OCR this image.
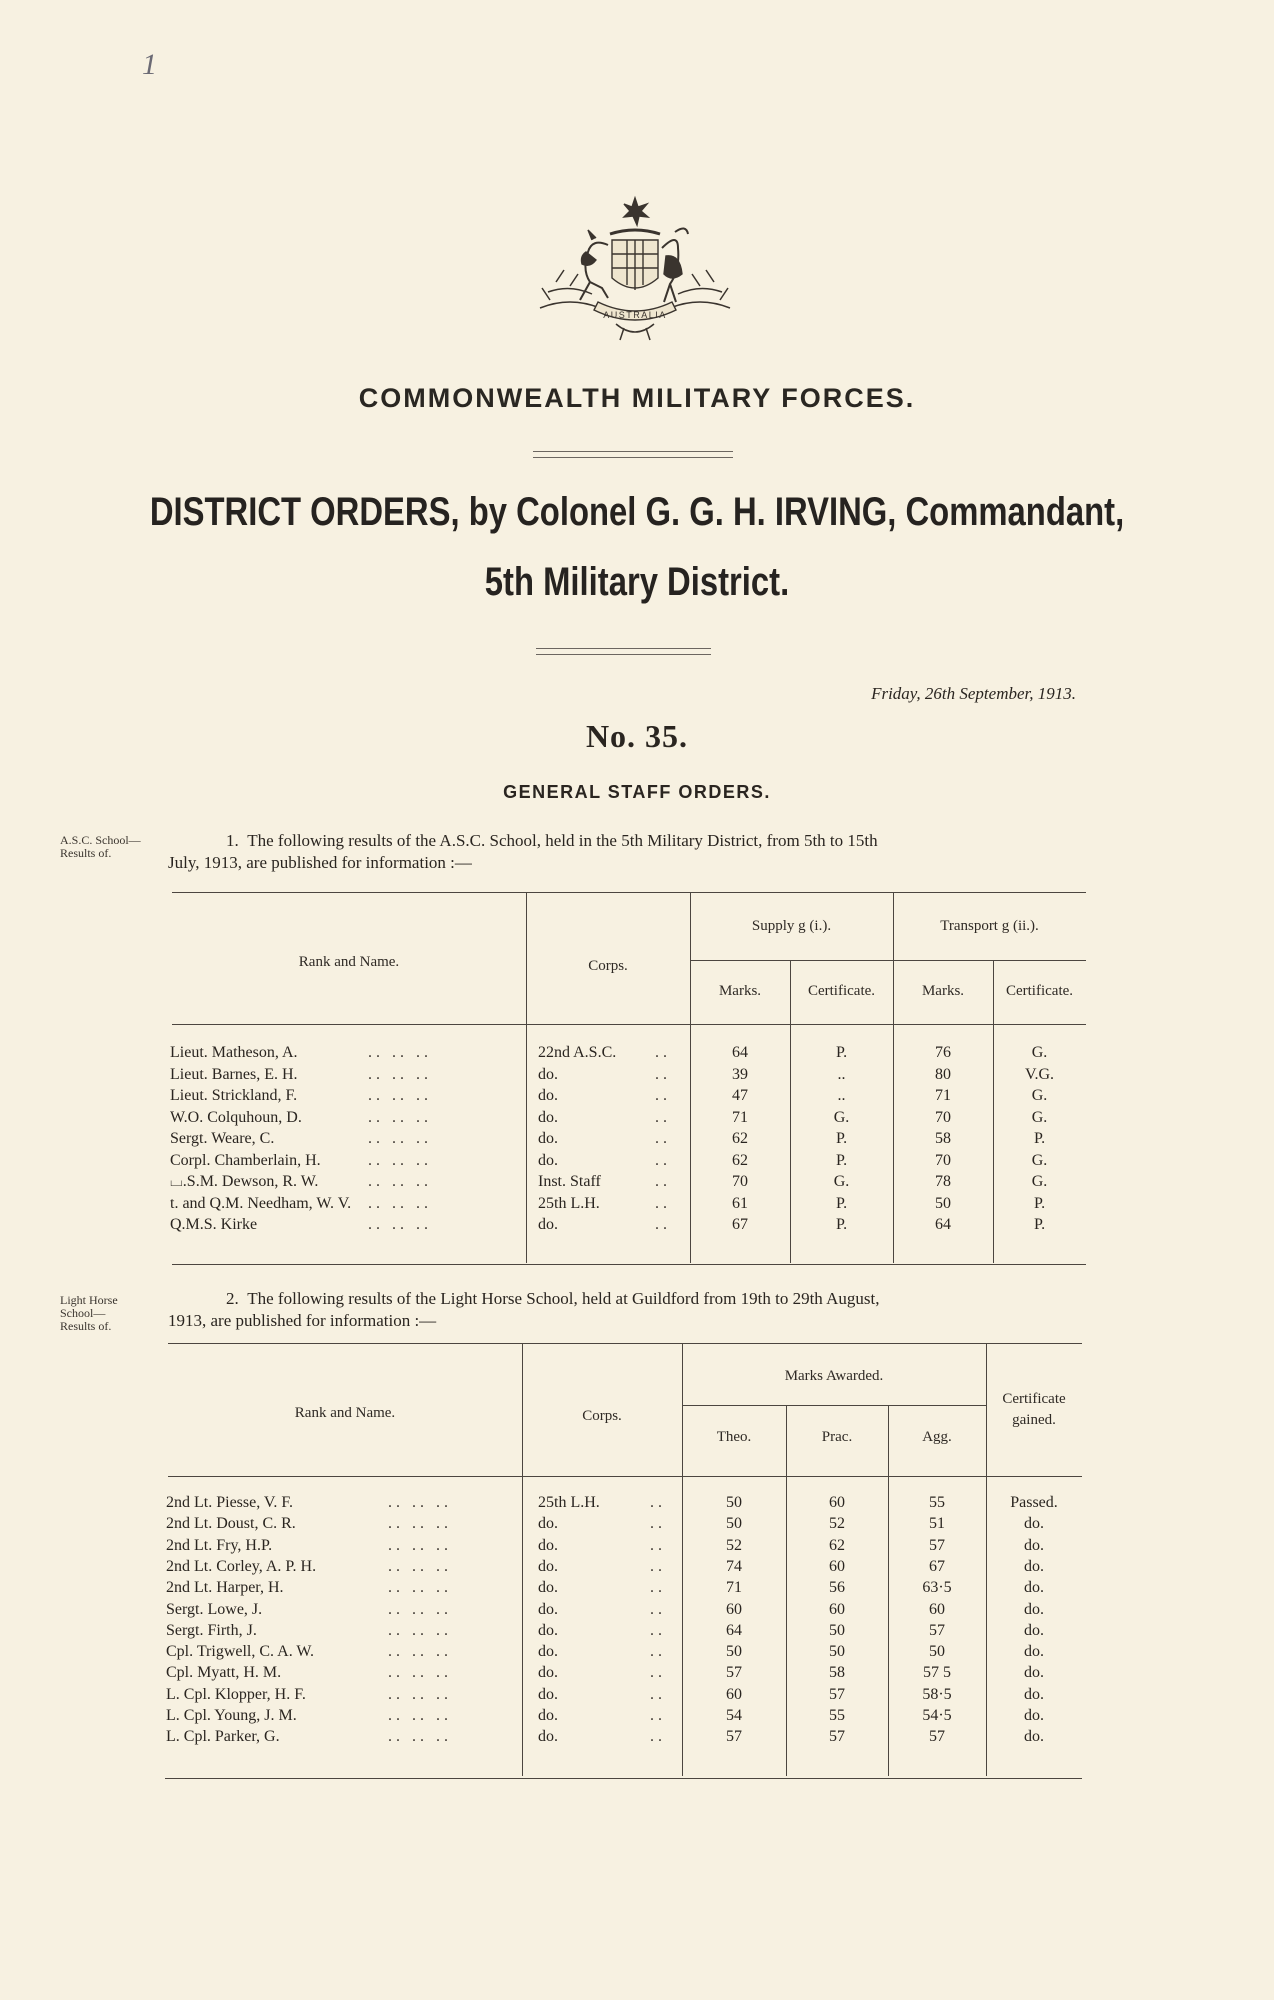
1
AUSTRALIA
COMMONWEALTH MILITARY FORCES.
DISTRICT ORDERS, by Colonel G. G. H. IRVING, Commandant,
5th Military District.
Friday, 26th September, 1913.
No. 35.
GENERAL STAFF ORDERS.
A.S.C. School—
Results of.
1. The following results of the A.S.C. School, held in the 5th Military District, from 5th to 15th
July, 1913, are published for information :—
Rank and Name.	Corps.
Supply g (i.).	Transport g (ii.).
Marks.	Certificate.	Marks.	Certificate.
Lieut. Matheson, A.	.. .. ..	22nd A.S.C. ..	64	P.	76	G.
Lieut. Barnes, E. H.	.. .. ..	do.	..	39	..	80	V.G.
Lieut. Strickland, F.	.. .. ..	do.	..	47	..	71	G.
W.O. Colquhoun, D.	.. .. ..	do.	..	71	G.	70	G.
Sergt. Weare, C.	.. .. ..	do.	..	62	P.	58	P.
Corpl. Chamberlain, H.	.. .. ..	do.	..	62	P.	70	G.
⌴.S.M. Dewson, R. W.	.. .. ..	Inst. Staff	..	70	G.	78	G.
t. and Q.M. Needham, W. V. .. .. ..	25th L.H.	..	61	P.	50	P.
Q.M.S. Kirke	.. .. ..	do.	..	67	P.	64	P.
Light Horse
School—
Results of.
2. The following results of the Light Horse School, held at Guildford from 19th to 29th August,
1913, are published for information :—
Rank and Name.	Corps.
Marks Awarded.
Theo.	Prac.	Agg.
Certificate
gained.
2nd Lt. Piesse, V. F.	.. .. ..	25th L.H.	..	50	60	55	Passed.
2nd Lt. Doust, C. R.	.. .. ..	do.	..	50	52	51	do.
2nd Lt. Fry, H.P.	.. .. ..	do.	..	52	62	57	do.
2nd Lt. Corley, A. P. H.	.. .. ..	do.	..	74	60	67	do.
2nd Lt. Harper, H.	.. .. ..	do.	..	71	56	63·5	do.
Sergt. Lowe, J.	.. .. ..	do.	..	60	60	60	do.
Sergt. Firth, J.	.. .. ..	do.	..	64	50	57	do.
Cpl. Trigwell, C. A. W.	.. .. ..	do.	..	50	50	50	do.
Cpl. Myatt, H. M.	.. .. ..	do.	..	57	58	57 5	do.
L. Cpl. Klopper, H. F.	.. .. ..	do.	..	60	57	58·5	do.
L. Cpl. Young, J. M.	.. .. ..	do.	..	54	55	54·5	do.
L. Cpl. Parker, G.	.. .. ..	do.	..	57	57	57	do.
